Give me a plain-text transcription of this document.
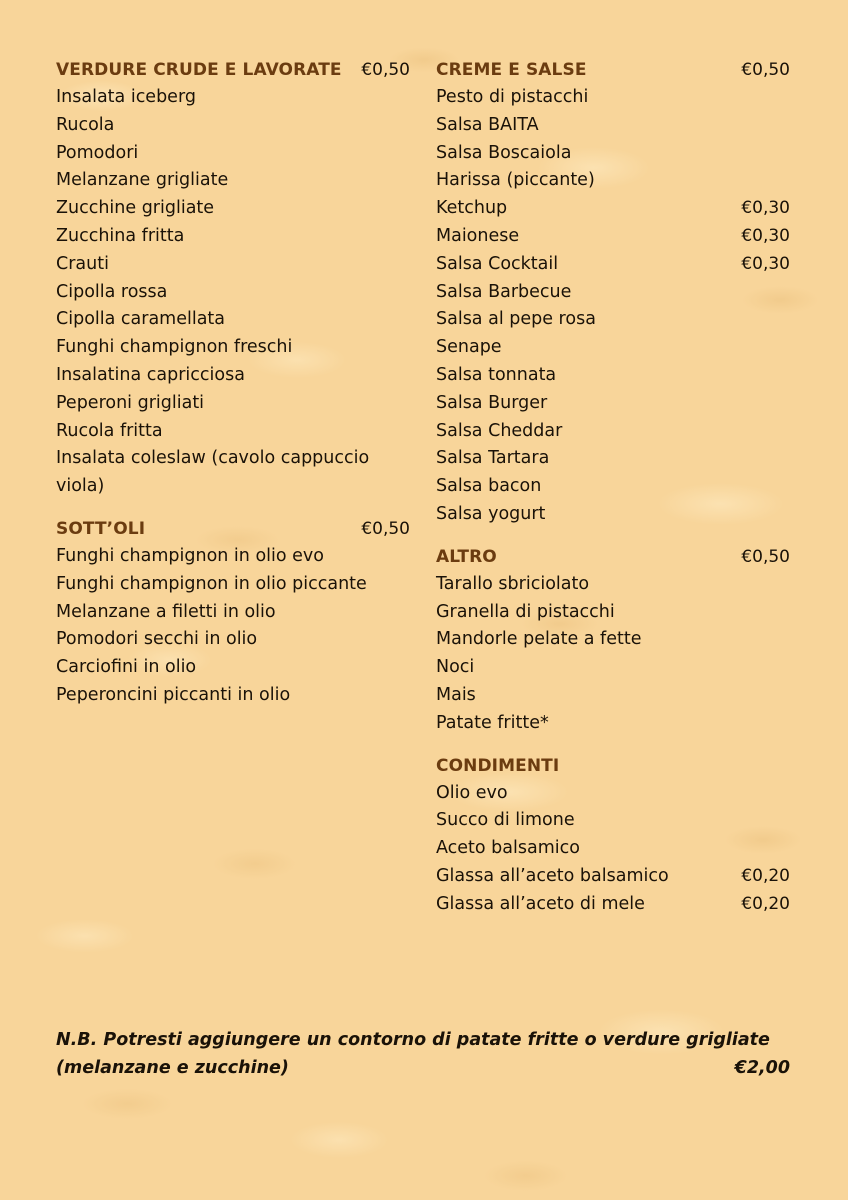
VERDURE CRUDE E LAVORATE €0,50
Insalata iceberg
Rucola
Pomodori
Melanzane grigliate
Zucchine grigliate
Zucchina fritta
Crauti
Cipolla rossa
Cipolla caramellata
Funghi champignon freschi
Insalatina capricciosa
Peperoni grigliati
Rucola fritta
Insalata coleslaw (cavolo cappuccio viola)
SOTT’OLI	€0,50
Funghi champignon in olio evo
Funghi champignon in olio piccante
Melanzane a filetti in olio
Pomodori secchi in olio
Carciofini in olio
Peperoncini piccanti in olio
CREME E SALSE	€0,50
Pesto di pistacchi
Salsa BAITA
Salsa Boscaiola
Harissa (piccante)
Ketchup	€0,30
Maionese	€0,30
Salsa Cocktail	€0,30
Salsa Barbecue
Salsa al pepe rosa
Senape
Salsa tonnata
Salsa Burger
Salsa Cheddar
Salsa Tartara
Salsa bacon
Salsa yogurt
ALTRO	€0,50
Tarallo sbriciolato
Granella di pistacchi
Mandorle pelate a fette
Noci
Mais
Patate fritte*
CONDIMENTI
Olio evo
Succo di limone
Aceto balsamico
Glassa all’aceto balsamico	€0,20
Glassa all’aceto di mele	€0,20
N.B. Potresti aggiungere un contorno di patate fritte o verdure grigliate
(melanzane e zucchine)	€2,00
